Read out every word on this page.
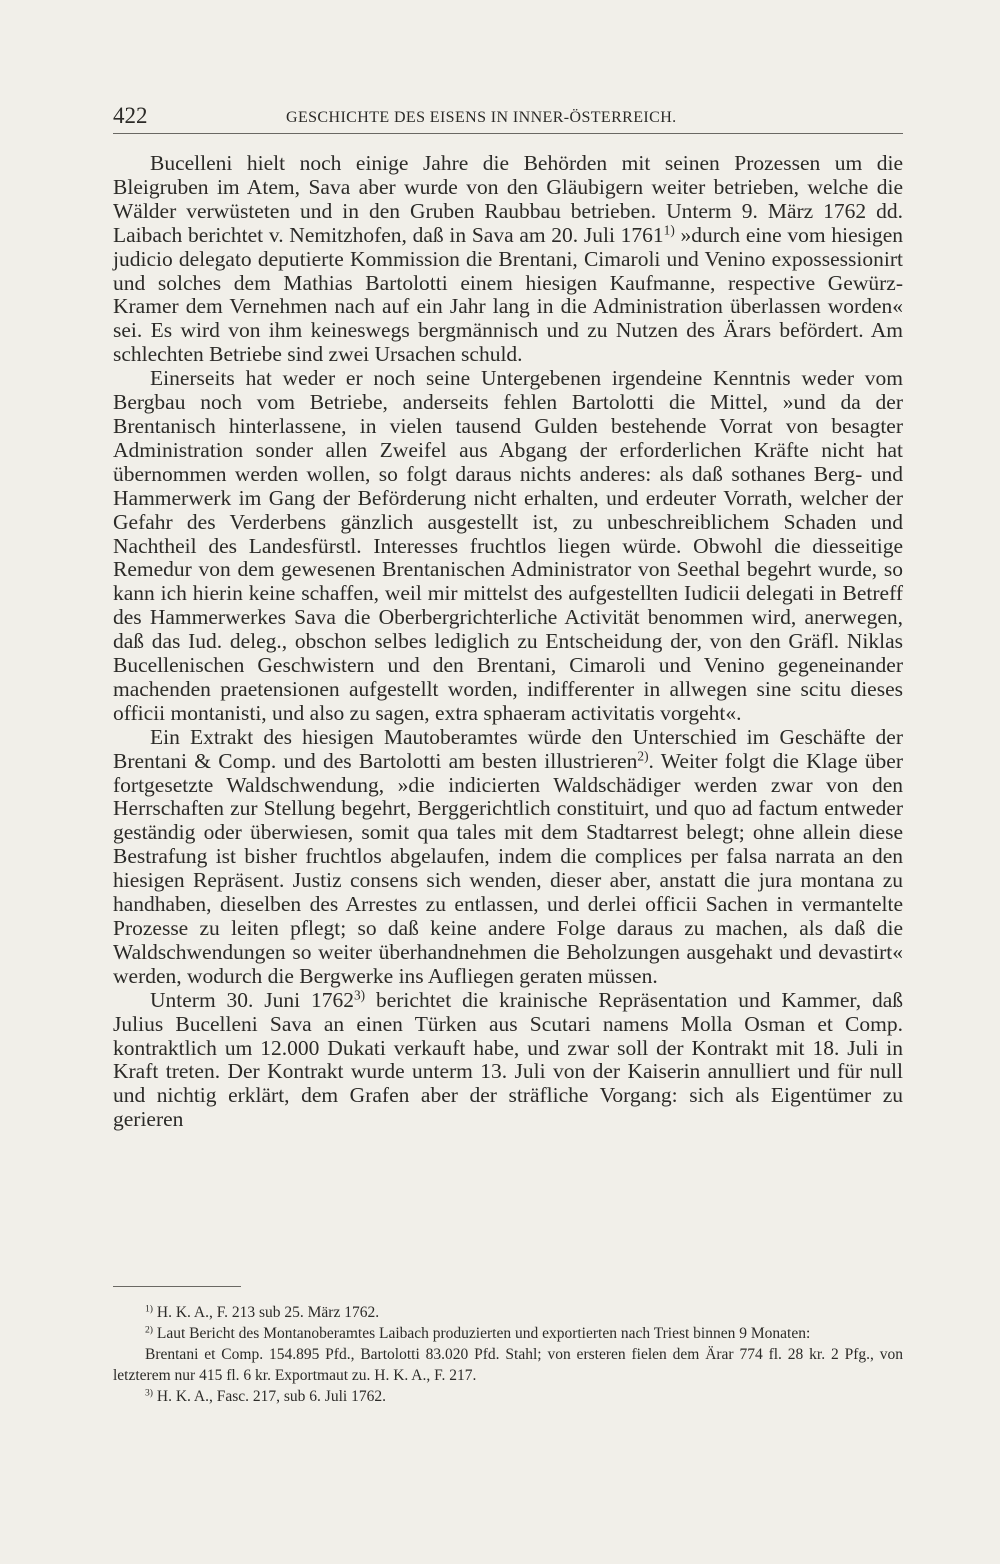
422	GESCHICHTE DES EISENS IN INNER-ÖSTERREICH.

Bucelleni hielt noch einige Jahre die Behörden mit seinen Prozessen um die Bleigruben im Atem, Sava aber wurde von den Gläubigern weiter betrieben, welche die Wälder verwüsteten und in den Gruben Raubbau betrieben. Unterm 9. März 1762 dd. Laibach berichtet v. Nemitzhofen, daß in Sava am 20. Juli 1761$^{1)}$ »durch eine vom hiesigen judicio delegato deputierte Kommission die Brentani, Cimaroli und Venino expossessionirt und solches dem Mathias Bartolotti einem hiesigen Kaufmanne, respective Gewürz-Kramer dem Vernehmen nach auf ein Jahr lang in die Administration überlassen worden« sei. Es wird von ihm keineswegs bergmännisch und zu Nutzen des Ärars befördert. Am schlechten Betriebe sind zwei Ursachen schuld.

Einerseits hat weder er noch seine Untergebenen irgendeine Kenntnis weder vom Bergbau noch vom Betriebe, anderseits fehlen Bartolotti die Mittel, »und da der Brentanisch hinterlassene, in vielen tausend Gulden bestehende Vorrat von besagter Administration sonder allen Zweifel aus Abgang der erforderlichen Kräfte nicht hat übernommen werden wollen, so folgt daraus nichts anderes: als daß sothanes Berg- und Hammerwerk im Gang der Beförderung nicht erhalten, und erdeuter Vorrath, welcher der Gefahr des Verderbens gänzlich ausgestellt ist, zu unbeschreiblichem Schaden und Nachtheil des Landesfürstl. Interesses fruchtlos liegen würde. Obwohl die diesseitige Remedur von dem gewesenen Brentanischen Administrator von Seethal begehrt wurde, so kann ich hierin keine schaffen, weil mir mittelst des aufgestellten Iudicii delegati in Betreff des Hammerwerkes Sava die Oberbergrichterliche Activität benommen wird, anerwegen, daß das Iud. deleg., obschon selbes lediglich zu Entscheidung der, von den Gräfl. Niklas Bucellenischen Geschwistern und den Brentani, Cimaroli und Venino gegeneinander machenden praetensionen aufgestellt worden, indifferenter in allwegen sine scitu dieses officii montanisti, und also zu sagen, extra sphaeram activitatis vorgeht«.

Ein Extrakt des hiesigen Mautoberamtes würde den Unterschied im Geschäfte der Brentani & Comp. und des Bartolotti am besten illustrieren$^{2)}$. Weiter folgt die Klage über fortgesetzte Waldschwendung, »die indicierten Waldschädiger werden zwar von den Herrschaften zur Stellung begehrt, Berggerichtlich constituirt, und quo ad factum entweder geständig oder überwiesen, somit qua tales mit dem Stadtarrest belegt; ohne allein diese Bestrafung ist bisher fruchtlos abgelaufen, indem die complices per falsa narrata an den hiesigen Repräsent. Justiz consens sich wenden, dieser aber, anstatt die jura montana zu handhaben, dieselben des Arrestes zu entlassen, und derlei officii Sachen in vermantelte Prozesse zu leiten pflegt; so daß keine andere Folge daraus zu machen, als daß die Waldschwendungen so weiter überhandnehmen die Beholzungen ausgehakt und devastirt« werden, wodurch die Bergwerke ins Aufliegen geraten müssen.

Unterm 30. Juni 1762$^{3)}$ berichtet die krainische Repräsentation und Kammer, daß Julius Bucelleni Sava an einen Türken aus Scutari namens Molla Osman et Comp. kontraktlich um 12.000 Dukati verkauft habe, und zwar soll der Kontrakt mit 18. Juli in Kraft treten. Der Kontrakt wurde unterm 13. Juli von der Kaiserin annulliert und für null und nichtig erklärt, dem Grafen aber der sträfliche Vorgang: sich als Eigentümer zu gerieren

$^{1)}$ H. K. A., F. 213 sub 25. März 1762.

$^{2)}$ Laut Bericht des Montanoberamtes Laibach produzierten und exportierten nach Triest binnen 9 Monaten:

Brentani et Comp. 154.895 Pfd., Bartolotti 83.020 Pfd. Stahl; von ersteren fielen dem Ärar 774 fl. 28 kr. 2 Pfg., von letzterem nur 415 fl. 6 kr. Exportmaut zu. H. K. A., F. 217.

$^{3)}$ H. K. A., Fasc. 217, sub 6. Juli 1762.
